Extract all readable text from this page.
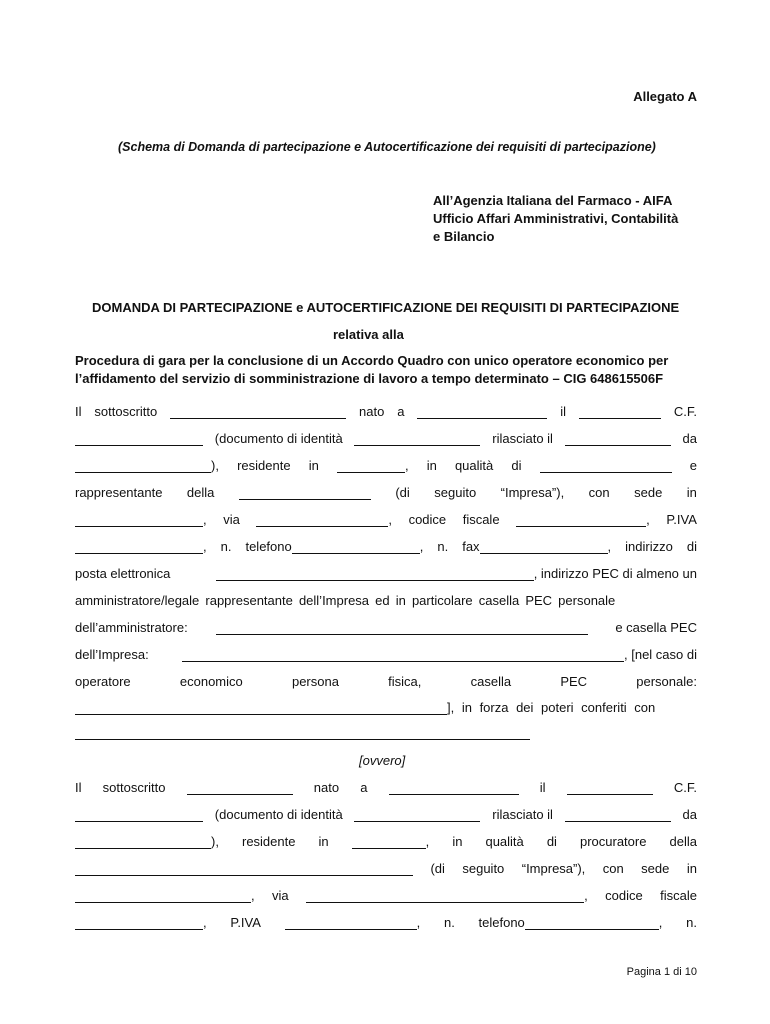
Allegato A
(Schema di Domanda di partecipazione e Autocertificazione dei requisiti di partecipazione)
All’Agenzia Italiana del Farmaco - AIFA
Ufficio Affari Amministrativi, Contabilità
e Bilancio
DOMANDA DI PARTECIPAZIONE e AUTOCERTIFICAZIONE DEI REQUISITI DI PARTECIPAZIONE
relativa alla
Procedura di gara per la conclusione di un Accordo Quadro con unico operatore economico per
l’affidamento del servizio di somministrazione di lavoro a tempo determinato – CIG 648615506F
Il sottoscritto	nato a	il	C.F.
(documento di identità	rilasciato il	da
), residente in	, in qualità di	e
rappresentante della	(di seguito “Impresa”), con sede in
, via	, codice fiscale	, P.IVA
, n. telefono	, n. fax	, indirizzo di
posta elettronica	, indirizzo PEC di almeno un
amministratore/legale rappresentante dell’Impresa ed in particolare casella PEC personale
dell’amministratore:	e casella PEC
dell’Impresa:	, [nel caso di
operatore	economico	persona	fisica,	casella	PEC	personale:
], in forza dei poteri conferiti con
[ovvero]
Il sottoscritto	nato a	il	C.F.
(documento di identità	rilasciato il	da
), residente in	, in qualità di procuratore della
(di seguito “Impresa”), con sede in
, via	, codice fiscale
, P.IVA	, n. telefono	, n.
Pagina 1 di 10
